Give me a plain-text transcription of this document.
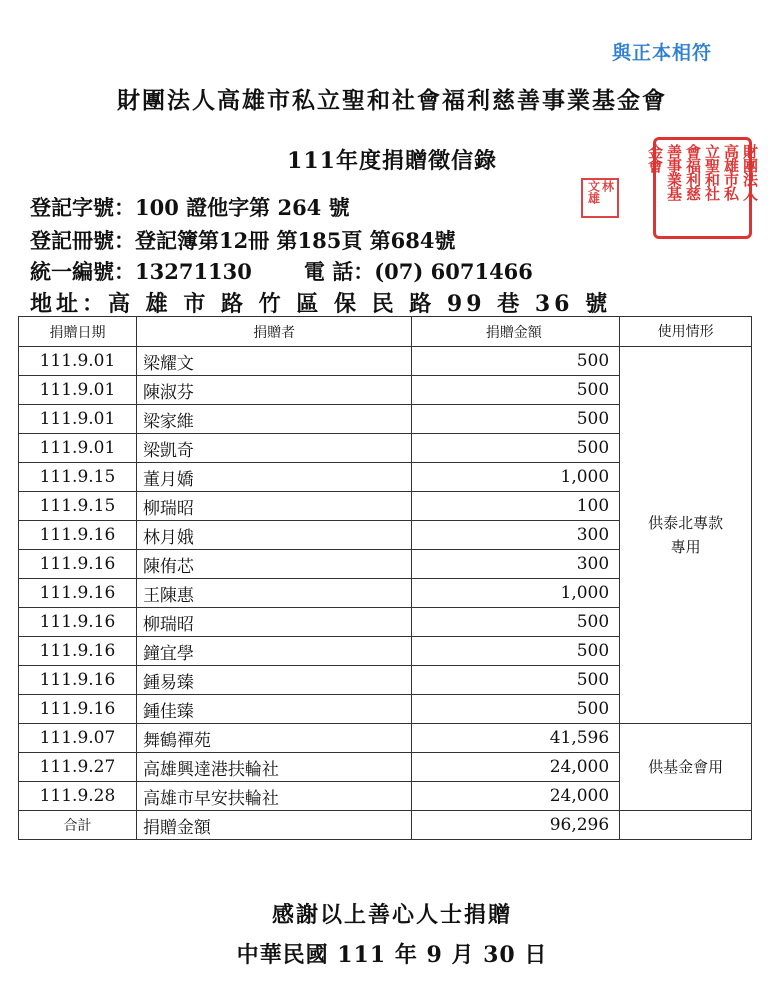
與正本相符
財團法人高雄市私立聖和社會福利慈善事業基金會
111年度捐贈徵信錄	財團法人
高雄市私
立聖和社
會福利慈
善事業基
金會
林
文雄
登記字號：100 證他字第 264 號
登記冊號：登記簿第12冊 第185頁 第684號
統一編號：13271130 電 話：(07) 6071466
地址：高 雄 市 路 竹 區 保 民 路 99 巷 36 號
捐贈日期	捐贈者	捐贈金額	使用情形
111.9.01	梁耀文	500	供泰北專款
專用
111.9.01	陳淑芬	500	
111.9.01	梁家維	500	
111.9.01	梁凱奇	500	
111.9.15	董月嬌	1,000	
111.9.15	柳瑞昭	100	
111.9.16	林月娥	300	
111.9.16	陳侑芯	300	
111.9.16	王陳惠	1,000	
111.9.16	柳瑞昭	500	
111.9.16	鐘宜學	500	
111.9.16	鍾易臻	500	
111.9.16	鍾佳臻	500	
111.9.07	舞鶴禪苑	41,596	供基金會用
111.9.27	高雄興達港扶輪社	24,000	
111.9.28	高雄市早安扶輪社	24,000	
合計	捐贈金額	96,296	
感謝以上善心人士捐贈
中華民國 111 年 9 月 30 日
